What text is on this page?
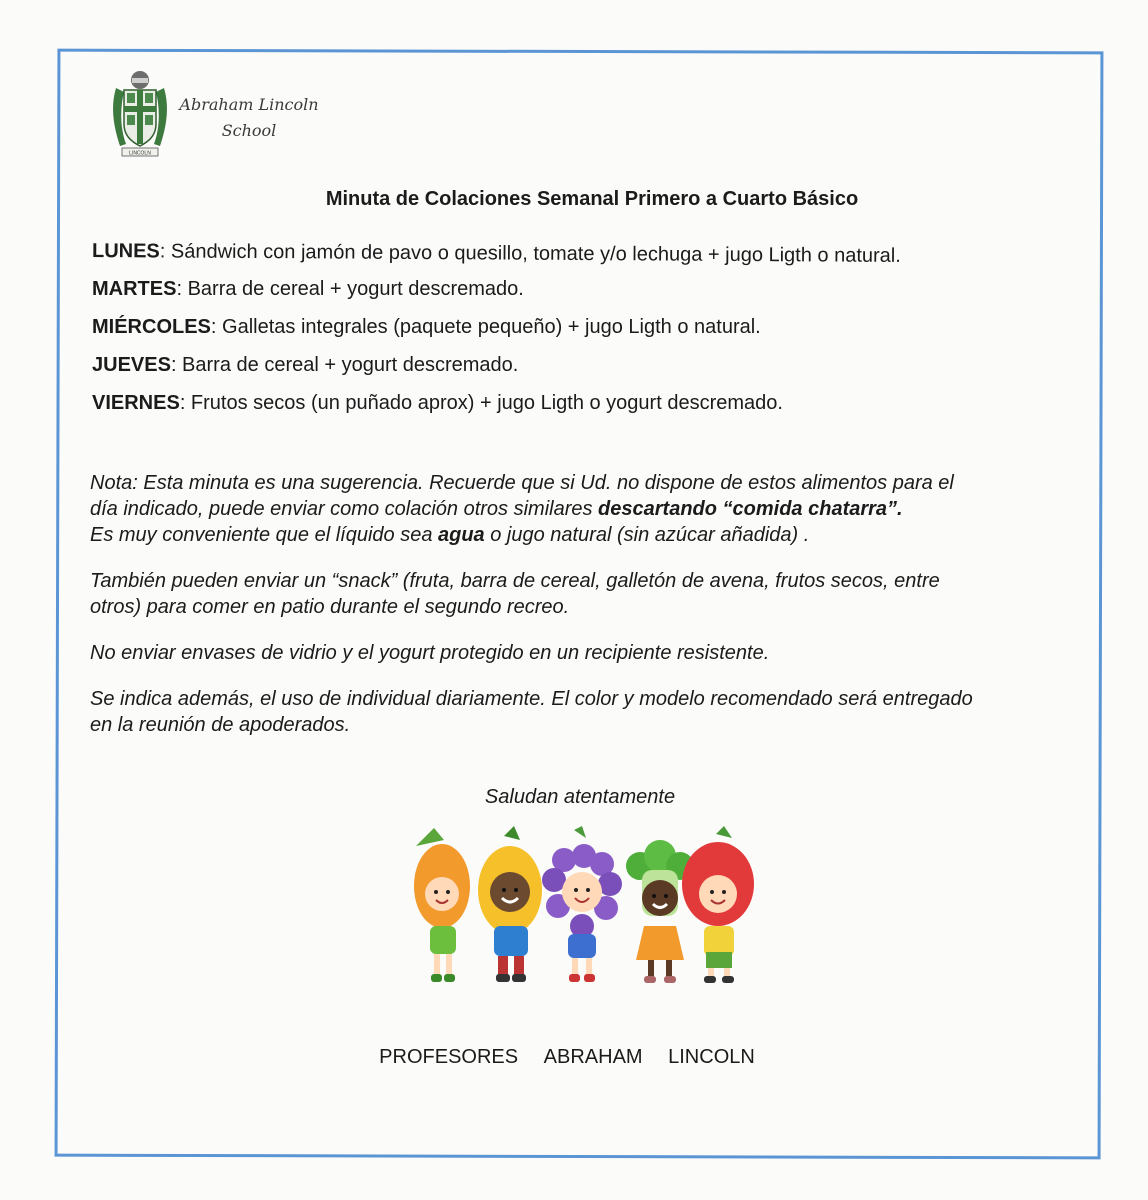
LINCOLN
Abraham Lincoln
School
Minuta de Colaciones Semanal Primero a Cuarto Básico
LUNES: Sándwich con jamón de pavo o quesillo, tomate y/o lechuga + jugo Ligth o natural.
MARTES: Barra de cereal + yogurt descremado.
MIÉRCOLES: Galletas integrales (paquete pequeño) + jugo Ligth o natural.
JUEVES: Barra de cereal + yogurt descremado.
VIERNES: Frutos secos (un puñado aprox) + jugo Ligth o yogurt descremado.

Nota: Esta minuta es una sugerencia. Recuerde que si Ud. no dispone de estos alimentos para el

día indicado, puede enviar como colación otros similares descartando “comida chatarra”.

Es muy conveniente que el líquido sea agua o jugo natural (sin azúcar añadida) .

También pueden enviar un “snack” (fruta, barra de cereal, galletón de avena, frutos secos, entre

otros) para comer en patio durante el segundo recreo.

No enviar envases de vidrio y el yogurt protegido en un recipiente resistente.

Se indica además, el uso de individual diariamente. El color y modelo recomendado será entregado

en la reunión de apoderados.

Saludan atentamente
PROFESORES ABRAHAM LINCOLN
